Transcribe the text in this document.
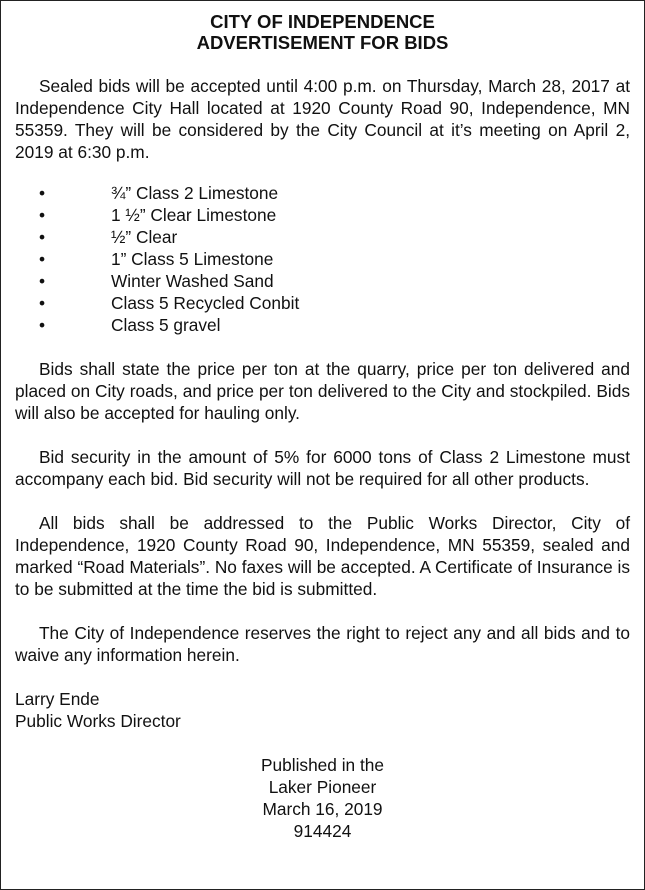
CITY OF INDEPENDENCE
ADVERTISEMENT FOR BIDS

Sealed bids will be accepted until 4:00 p.m. on Thursday, March 28, 2017 at Independence City Hall located at 1920 County Road 90, Independence, MN 55359. They will be considered by the City Council at it’s meeting on April 2, 2019 at 6:30 p.m.

•	¾” Class 2 Limestone
•	1 ½” Clear Limestone
•	½” Clear
•	1” Class 5 Limestone
•	Winter Washed Sand
•	Class 5 Recycled Conbit
•	Class 5 gravel

Bids shall state the price per ton at the quarry, price per ton delivered and placed on City roads, and price per ton delivered to the City and stockpiled. Bids will also be accepted for hauling only.

Bid security in the amount of 5% for 6000 tons of Class 2 Limestone must accompany each bid. Bid security will not be required for all other products.

All bids shall be addressed to the Public Works Director, City of Independence, 1920 County Road 90, Independence, MN 55359, sealed and marked “Road Materials”. No faxes will be accepted. A Certificate of Insurance is to be submitted at the time the bid is submitted.

The City of Independence reserves the right to reject any and all bids and to waive any information herein.

Larry Ende
Public Works Director
Published in the
Laker Pioneer
March 16, 2019
914424
